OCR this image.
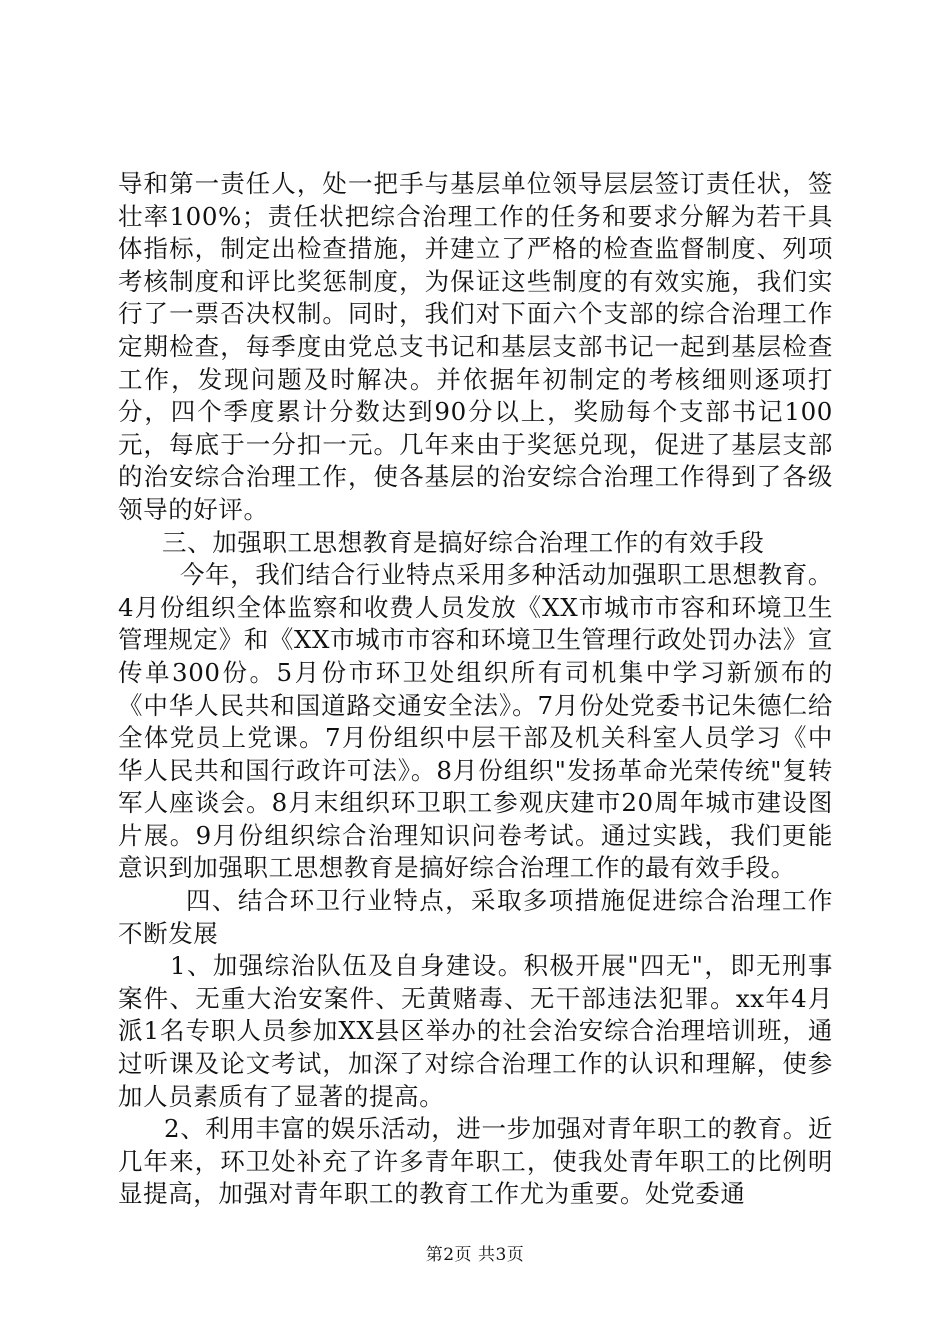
导和第一责任人，处一把手与基层单位领导层层签订责任状，签壮率100%；责任状把综合治理工作的任务和要求分解为若干具体指标，制定出检查措施，并建立了严格的检查监督制度、列项考核制度和评比奖惩制度，为保证这些制度的有效实施，我们实行了一票否决权制。同时，我们对下面六个支部的综合治理工作定期检查，每季度由党总支书记和基层支部书记一起到基层检查工作，发现问题及时解决。并依据年初制定的考核细则逐项打分，四个季度累计分数达到90分以上，奖励每个支部书记100元，每底于一分扣一元。几年来由于奖惩兑现，促进了基层支部的治安综合治理工作，使各基层的治安综合治理工作得到了各级领导的好评。

三、加强职工思想教育是搞好综合治理工作的有效手段

今年，我们结合行业特点采用多种活动加强职工思想教育。4月份组织全体监察和收费人员发放《XX市城市市容和环境卫生管理规定》和《XX市城市市容和环境卫生管理行政处罚办法》宣传单300份。5月份市环卫处组织所有司机集中学习新颁布的《中华人民共和国道路交通安全法》。7月份处党委书记朱德仁给全体党员上党课。7月份组织中层干部及机关科室人员学习《中华人民共和国行政许可法》。8月份组织"发扬革命光荣传统"复转军人座谈会。8月末组织环卫职工参观庆建市20周年城市建设图片展。9月份组织综合治理知识问卷考试。通过实践，我们更能意识到加强职工思想教育是搞好综合治理工作的最有效手段。

四、结合环卫行业特点，采取多项措施促进综合治理工作不断发展

1、加强综治队伍及自身建设。积极开展"四无"，即无刑事案件、无重大治安案件、无黄赌毒、无干部违法犯罪。xx年4月派1名专职人员参加XX县区举办的社会治安综合治理培训班，通过听课及论文考试，加深了对综合治理工作的认识和理解，使参加人员素质有了显著的提高。

2、利用丰富的娱乐活动，进一步加强对青年职工的教育。近几年来，环卫处补充了许多青年职工，使我处青年职工的比例明显提高，加强对青年职工的教育工作尤为重要。处党委通

第2页 共3页
